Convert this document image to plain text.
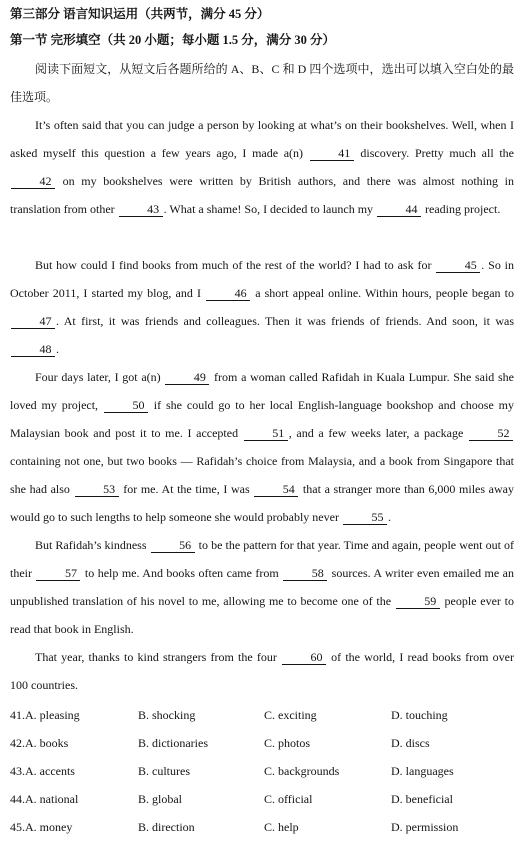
第三部分 语言知识运用（共两节，满分 45 分）
第一节 完形填空（共 20 小题；每小题 1.5 分，满分 30 分）
阅读下面短文，从短文后各题所给的 A、B、C 和 D 四个选项中，选出可以填入空白处的最佳选项。
It’s often said that you can judge a person by looking at what’s on their bookshelves. Well, when I asked myself this question a few years ago, I made a(n) 41 discovery. Pretty much all the 42 on my bookshelves were written by British authors, and there was almost nothing in translation from other 43 . What a shame! So, I decided to launch my 44 reading project.
But how could I find books from much of the rest of the world? I had to ask for 45 . So in October 2011, I started my blog, and I 46 a short appeal online. Within hours, people began to 47 . At first, it was friends and colleagues. Then it was friends of friends. And soon, it was 48 .
Four days later, I got a(n) 49 from a woman called Rafidah in Kuala Lumpur. She said she loved my project, 50 if she could go to her local English-language bookshop and choose my Malaysian book and post it to me. I accepted 51 , and a few weeks later, a package 52 containing not one, but two books — Rafidah’s choice from Malaysia, and a book from Singapore that she had also 53 for me. At the time, I was 54 that a stranger more than 6,000 miles away would go to such lengths to help someone she would probably never 55 .
But Rafidah’s kindness 56 to be the pattern for that year. Time and again, people went out of their 57 to help me. And books often came from 58 sources. A writer even emailed me an unpublished translation of his novel to me, allowing me to become one of the 59 people ever to read that book in English.
That year, thanks to kind strangers from the four 60 of the world, I read books from over 100 countries.
41.A. pleasing	B. shocking	C. exciting	D. touching
42.A. books	B. dictionaries	C. photos	D. discs
43.A. accents	B. cultures	C. backgrounds	D. languages
44.A. national	B. global	C. official	D. beneficial
45.A. money	B. direction	C. help	D. permission
